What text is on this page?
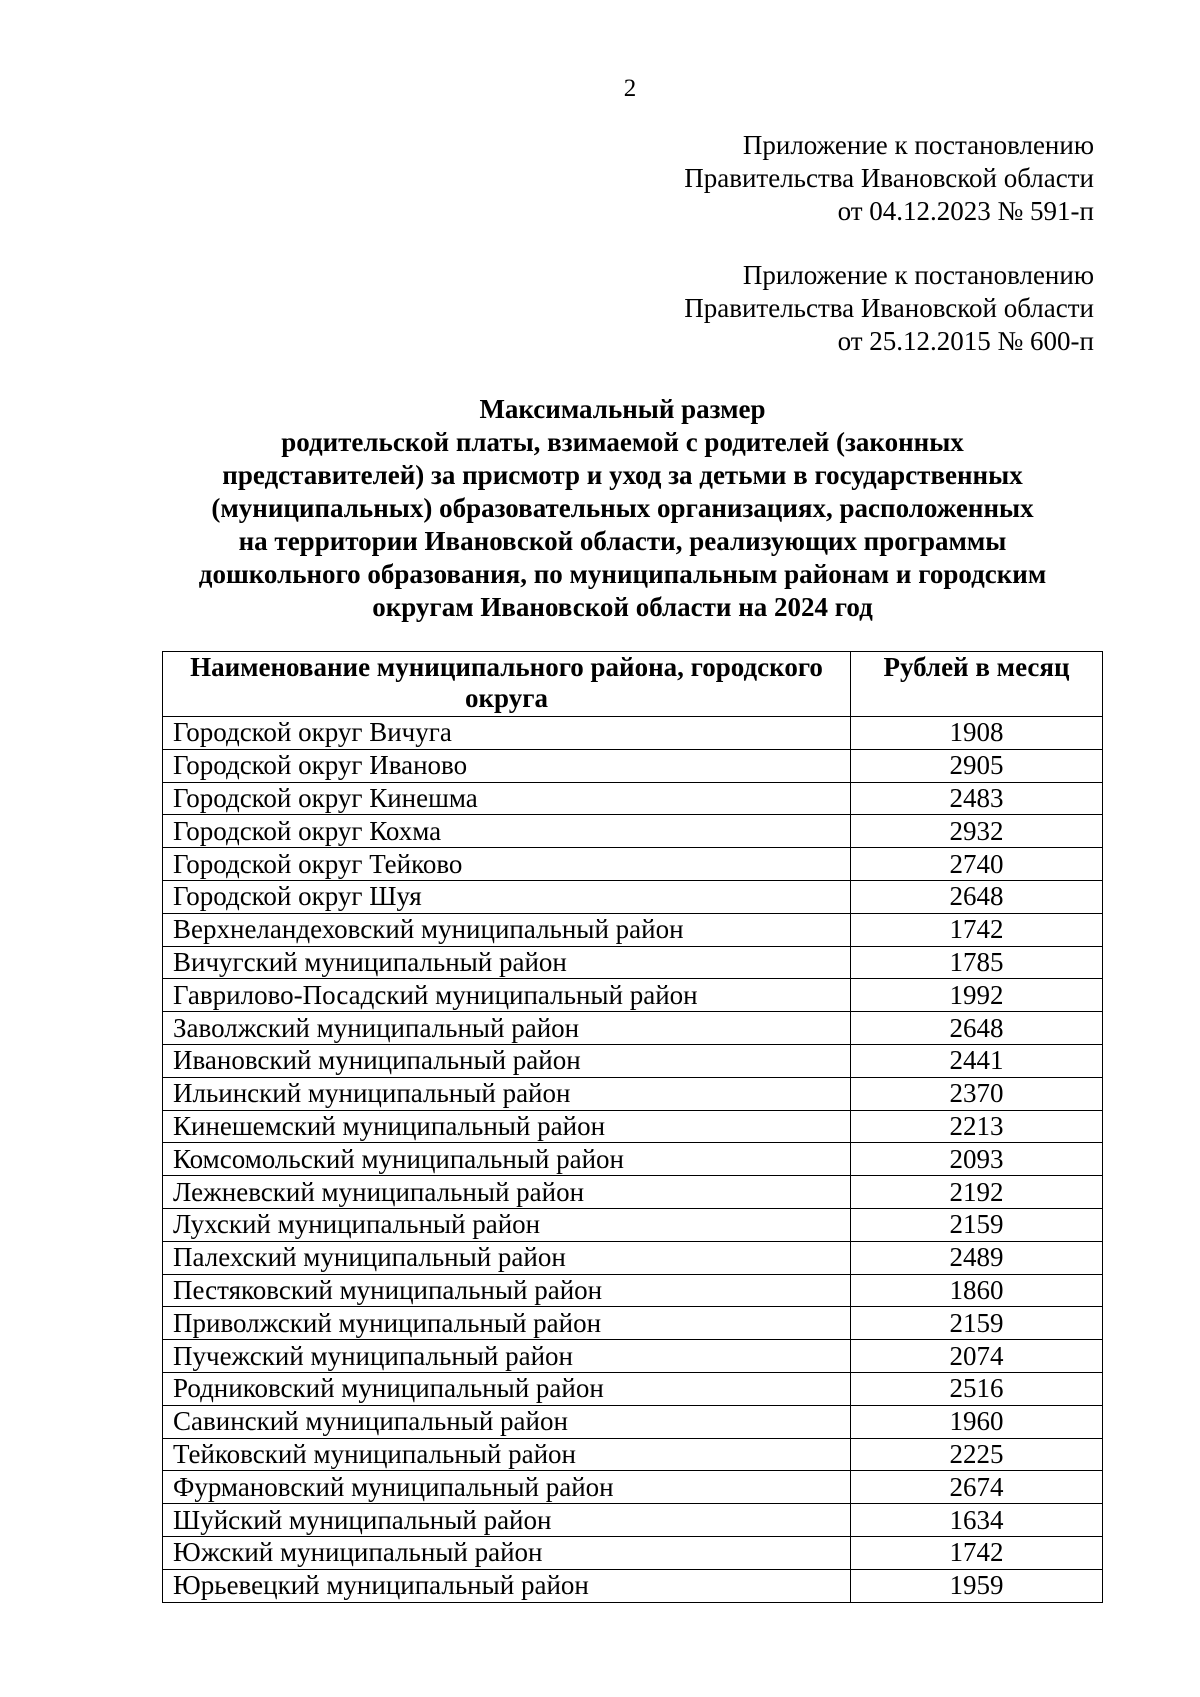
2
Приложение к постановлению
Правительства Ивановской области
от 04.12.2023 № 591-п
Приложение к постановлению
Правительства Ивановской области
от 25.12.2015 № 600-п
Максимальный размер
родительской платы, взимаемой с родителей (законных
представителей) за присмотр и уход за детьми в государственных
(муниципальных) образовательных организациях, расположенных
на территории Ивановской области, реализующих программы
дошкольного образования, по муниципальным районам и городским
округам Ивановской области на 2024 год
Наименование муниципального района, городского округа	Рублей в месяц
Городской округ Вичуга	1908
Городской округ Иваново	2905
Городской округ Кинешма	2483
Городской округ Кохма	2932
Городской округ Тейково	2740
Городской округ Шуя	2648
Верхнеландеховский муниципальный район	1742
Вичугский муниципальный район	1785
Гаврилово-Посадский муниципальный район	1992
Заволжский муниципальный район	2648
Ивановский муниципальный район	2441
Ильинский муниципальный район	2370
Кинешемский муниципальный район	2213
Комсомольский муниципальный район	2093
Лежневский муниципальный район	2192
Лухский муниципальный район	2159
Палехский муниципальный район	2489
Пестяковский муниципальный район	1860
Приволжский муниципальный район	2159
Пучежский муниципальный район	2074
Родниковский муниципальный район	2516
Савинский муниципальный район	1960
Тейковский муниципальный район	2225
Фурмановский муниципальный район	2674
Шуйский муниципальный район	1634
Южский муниципальный район	1742
Юрьевецкий муниципальный район	1959
